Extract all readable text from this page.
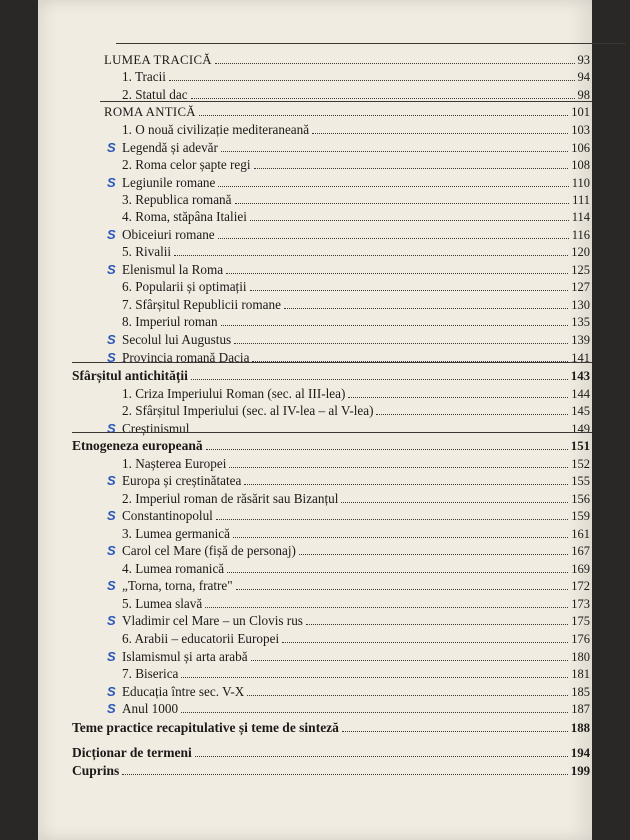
LUMEA TRACICĂ	93
1. Tracii	94
2. Statul dac	98
ROMA ANTICĂ	101
1. O nouă civilizație mediteraneană	103
S Legendă și adevăr	106
2. Roma celor șapte regi	108
S Legiunile romane	110
3. Republica romană	111
4. Roma, stăpâna Italiei	114
S Obiceiuri romane	116
5. Rivalii	120
S Elenismul la Roma	125
6. Popularii și optimații	127
7. Sfârșitul Republicii romane	130
8. Imperiul roman	135
S Secolul lui Augustus	139
S Provincia romană Dacia	141
Sfârșitul antichității	143
1. Criza Imperiului Roman (sec. al III-lea)	144
2. Sfârșitul Imperiului (sec. al IV-lea – al V-lea)	145
S Creștinismul	149
Etnogeneza europeană	151
1. Nașterea Europei	152
S Europa și creștinătatea	155
2. Imperiul roman de răsărit sau Bizanțul	156
S Constantinopolul	159
3. Lumea germanică	161
S Carol cel Mare (fișă de personaj)	167
4. Lumea romanică	169
S „Torna, torna, fratre"	172
5. Lumea slavă	173
S Vladimir cel Mare – un Clovis rus	175
6. Arabii – educatorii Europei	176
S Islamismul și arta arabă	180
7. Biserica	181
S Educația între sec. V-X	185
S Anul 1000	187
Teme practice recapitulative și teme de sinteză	188
Dicționar de termeni	194
Cuprins	199
